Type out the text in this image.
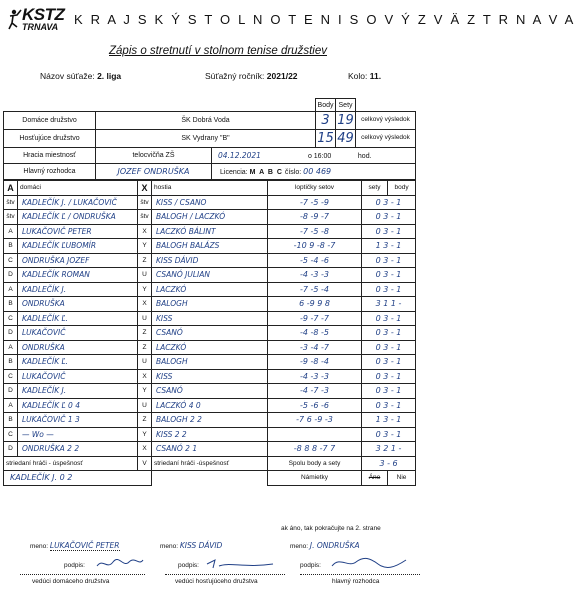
KSTZ
TRNAVA K R A J S K Ý S T O L N O T E N I S O V Ý Z V Ä Z T R N A V A
Zápis o stretnutí v stolnom tenise družstiev
Názov súťaže: 2. liga	Súťažný ročník: 2021/22	Kolo: 11.
			Body	Sety	
Domáce družstvo	ŠK Dobrá Voda		3	19	celkový výsledok
Hosťujúce družstvo	SK Vydrany "B"		15	49	celkový výsledok
Hracia miestnosť	telocvičňa ZŠ	04.12.2021 o 16:00 hod.			
Hlavný rozhodca	JOZEF ONDRUŠKA	Licencia: M A B C číslo: 00 469			
A	domáci	X	hostia	loptičky setov	sety	body
štv	KADLEČÍK J. / LUKAČOVIČ	štv	KISS / CSANO	-7 -5 -9	0 3 - 1	
štv	KADLEČÍK Ľ / ONDRUŠKA	štv	BALOGH / LACZKÓ	-8 -9 -7	0 3 - 1	
A	LUKAČOVIČ PETER	X	LACZKÓ BÁLINT	-7 -5 -8	0 3 - 1	
B	KADLEČÍK ĽUBOMÍR	Y	BALOGH BALÁZS	-10 9 -8 -7	1 3 - 1	
C	ONDRUŠKA JOZEF	Z	KISS DÁVID	-5 -4 -6	0 3 - 1	
D	KADLEČÍK ROMAN	U	CSANÓ JULIAN	-4 -3 -3	0 3 - 1	
A	KADLEČÍK J.	Y	LACZKÓ	-7 -5 -4	0 3 - 1	
B	ONDRUŠKA	X	BALOGH	6 -9 9 8	3 1 1 -	
C	KADLEČÍK Ľ.	U	KISS	-9 -7 -7	0 3 - 1	
D	LUKAČOVIČ	Z	CSANÓ	-4 -8 -5	0 3 - 1	
A	ONDRUŠKA	Z	LACZKÓ	-3 -4 -7	0 3 - 1	
B	KADLEČÍK Ľ.	U	BALOGH	-9 -8 -4	0 3 - 1	
C	LUKAČOVIČ	X	KISS	-4 -3 -3	0 3 - 1	
D	KADLEČÍK J.	Y	CSANÓ	-4 -7 -3	0 3 - 1	
A	KADLEČÍK Ľ 0 4	U	LACZKÓ 4 0	-5 -6 -6	0 3 - 1	
B	LUKAČOVIČ 1 3	Z	BALOGH 2 2	-7 6 -9 -3	1 3 - 1	
C	— Wo —	Y	KISS 2 2		0 3 - 1	
D	ONDRUŠKA 2 2	X	CSANÓ 2 1	-8 8 8 -7 7	3 2 1 -	
striedaní hráči - úspešnosť		V	striedaní hráči -úspešnosť	Spolu body a sety	3 - 6	
KADLEČÍK J. 0 2				Námietky	Áno	Nie
ak áno, tak pokračujte na 2. strane
meno: LUKAČOVIČ PETER	meno: KISS DÁVID	meno: J. ONDRUŠKA
podpis:	podpis:	podpis:
vedúci domáceho družstva	vedúci hosťujúceho družstva	hlavný rozhodca
